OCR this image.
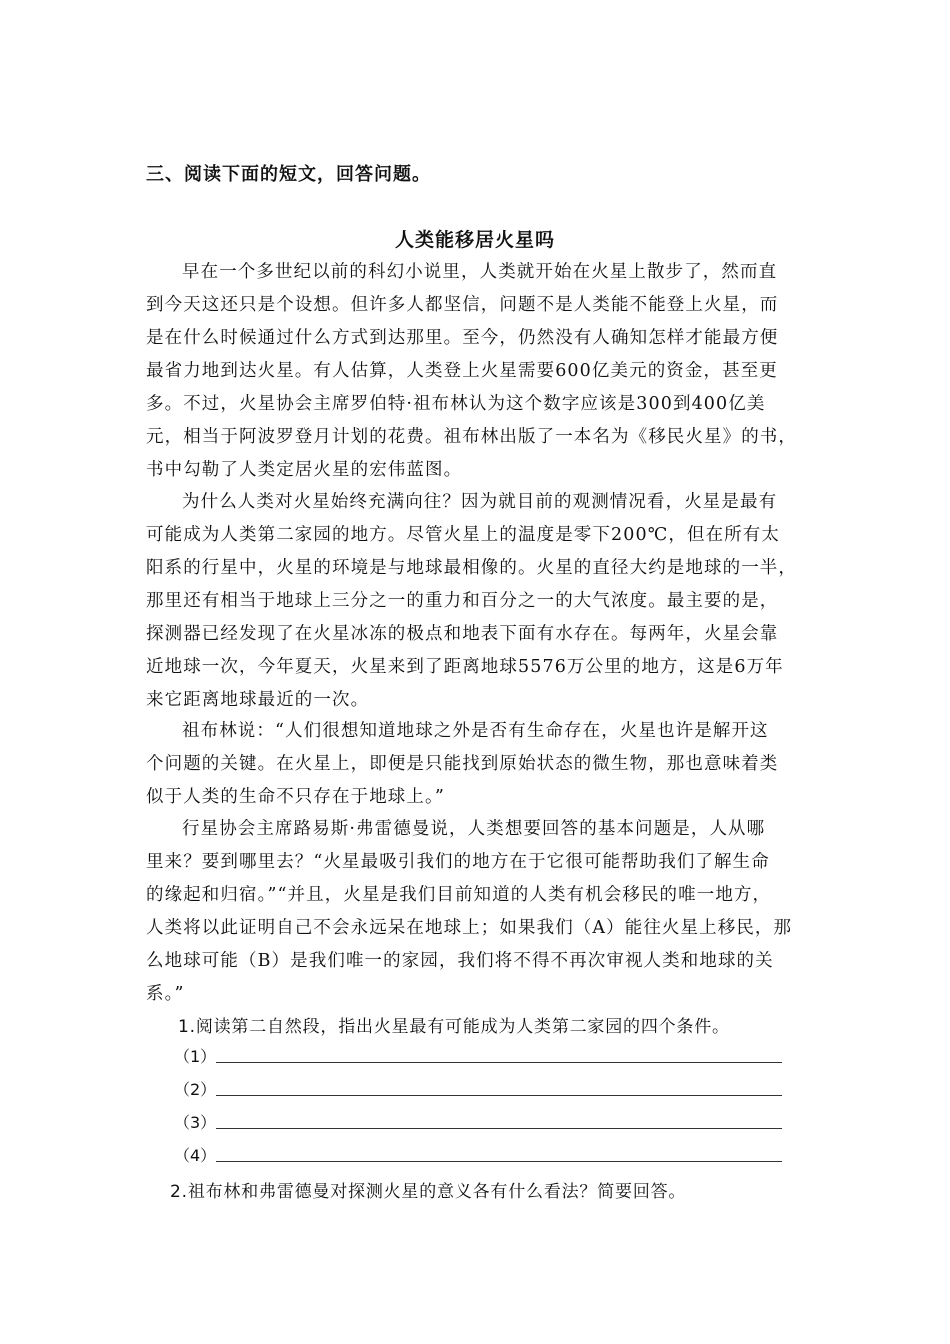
三、阅读下面的短文，回答问题。
人类能移居火星吗
早在一个多世纪以前的科幻小说里，人类就开始在火星上散步了，然而直
到今天这还只是个设想。但许多人都坚信，问题不是人类能不能登上火星，而
是在什么时候通过什么方式到达那里。至今，仍然没有人确知怎样才能最方便
最省力地到达火星。有人估算，人类登上火星需要600亿美元的资金，甚至更
多。不过，火星协会主席罗伯特·祖布林认为这个数字应该是300到400亿美
元，相当于阿波罗登月计划的花费。祖布林出版了一本名为《移民火星》的书，
书中勾勒了人类定居火星的宏伟蓝图。
为什么人类对火星始终充满向往？因为就目前的观测情况看，火星是最有
可能成为人类第二家园的地方。尽管火星上的温度是零下200℃，但在所有太
阳系的行星中，火星的环境是与地球最相像的。火星的直径大约是地球的一半，
那里还有相当于地球上三分之一的重力和百分之一的大气浓度。最主要的是，
探测器已经发现了在火星冰冻的极点和地表下面有水存在。每两年，火星会靠
近地球一次，今年夏天，火星来到了距离地球5576万公里的地方，这是6万年
来它距离地球最近的一次。
祖布林说：“人们很想知道地球之外是否有生命存在，火星也许是解开这
个问题的关键。在火星上，即便是只能找到原始状态的微生物，那也意味着类
似于人类的生命不只存在于地球上。”
行星协会主席路易斯·弗雷德曼说，人类想要回答的基本问题是，人从哪
里来？要到哪里去？“火星最吸引我们的地方在于它很可能帮助我们了解生命
的缘起和归宿。”“并且，火星是我们目前知道的人类有机会移民的唯一地方，
人类将以此证明自己不会永远呆在地球上；如果我们（A）能往火星上移民，那
么地球可能（B）是我们唯一的家园，我们将不得不再次审视人类和地球的关
系。”
1.阅读第二自然段，指出火星最有可能成为人类第二家园的四个条件。
（1）
（2）
（3）
（4）
2.祖布林和弗雷德曼对探测火星的意义各有什么看法？简要回答。
